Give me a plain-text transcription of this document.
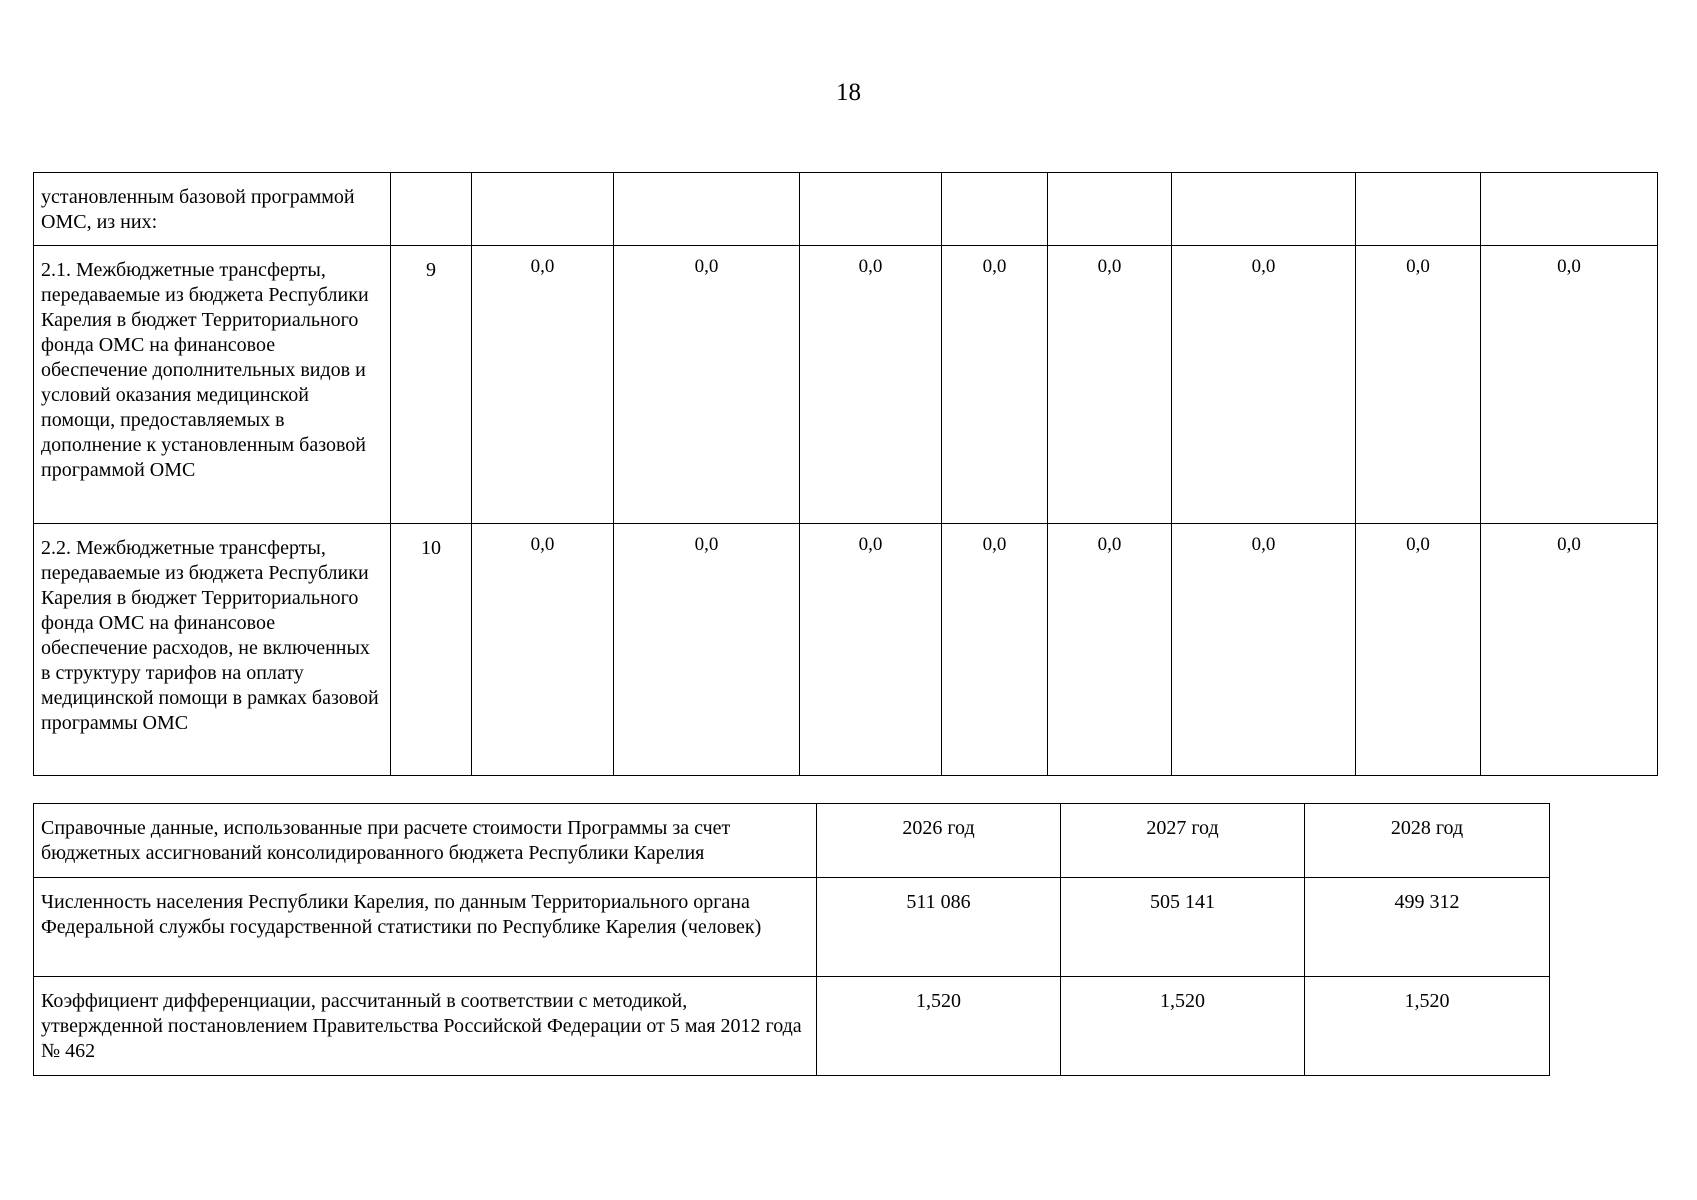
18
установленным базовой программой ОМС, из них:									
2.1. Межбюджетные трансферты, передаваемые из бюджета Республики Карелия в бюджет Территориального фонда ОМС на финансовое обеспечение дополнительных видов и условий оказания медицинской помощи, предоставляемых в дополнение к установленным базовой программой ОМС	9	0,0	0,0	0,0	0,0	0,0	0,0	0,0	0,0
2.2. Межбюджетные трансферты, передаваемые из бюджета Республики Карелия в бюджет Территориального фонда ОМС на финансовое обеспечение расходов, не включенных в структуру тарифов на оплату медицинской помощи в рамках базовой программы ОМС	10	0,0	0,0	0,0	0,0	0,0	0,0	0,0	0,0
Справочные данные, использованные при расчете стоимости Программы за счет бюджетных ассигнований консолидированного бюджета Республики Карелия	2026 год	2027 год	2028 год
Численность населения Республики Карелия, по данным Территориального органа Федеральной службы государственной статистики по Республике Карелия (человек)	511 086	505 141	499 312
Коэффициент дифференциации, рассчитанный в соответствии с методикой, утвержденной постановлением Правительства Российской Федерации от 5 мая 2012 года № 462	1,520	1,520	1,520
